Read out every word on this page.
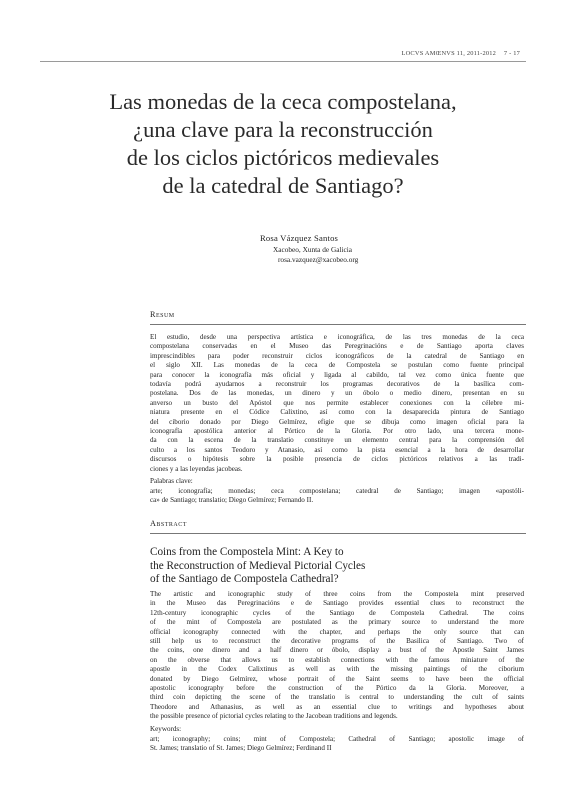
LOCVS AMŒNVS 11, 2011-2012 7 - 17
Las monedas de la ceca compostelana,
¿una clave para la reconstrucción
de los ciclos pictóricos medievales
de la catedral de Santiago?
Rosa Vázquez Santos
Xacobeo, Xunta de Galicia
rosa.vazquez@xacobeo.org
Resum

El estudio, desde una perspectiva artística e iconográfica, de las tres monedas de la ceca
compostelana conservadas en el Museo das Peregrinacións e de Santiago aporta claves
imprescindibles para poder reconstruir ciclos iconográficos de la catedral de Santiago en
el siglo XII. Las monedas de la ceca de Compostela se postulan como fuente principal
para conocer la iconografía más oficial y ligada al cabildo, tal vez como única fuente que
todavía podrá ayudarnos a reconstruir los programas decorativos de la basílica com-
postelana. Dos de las monedas, un dinero y un óbolo o medio dinero, presentan en su
anverso un busto del Apóstol que nos permite establecer conexiones con la célebre mi-
niatura presente en el Códice Calixtino, así como con la desaparecida pintura de Santiago
del ciborio donado por Diego Gelmírez, efigie que se dibuja como imagen oficial para la
iconografía apostólica anterior al Pórtico de la Gloria. Por otro lado, una tercera mone-
da con la escena de la translatio constituye un elemento central para la comprensión del
culto a los santos Teodoro y Atanasio, así como la pista esencial a la hora de desarrollar
discursos o hipótesis sobre la posible presencia de ciclos pictóricos relativos a las tradi-
ciones y a las leyendas jacobeas.

Palabras clave:

arte; iconografía; monedas; ceca compostelana; catedral de Santiago; imagen «apostóli-
ca» de Santiago; translatio; Diego Gelmírez; Fernando II.

Abstract
Coins from the Compostela Mint: A Key to
the Reconstruction of Medieval Pictorial Cycles
of the Santiago de Compostela Cathedral?

The artistic and iconographic study of three coins from the Compostela mint preserved
in the Museo das Peregrinacións e de Santiago provides essential clues to reconstruct the
12th-century iconographic cycles of the Santiago de Compostela Cathedral. The coins
of the mint of Compostela are postulated as the primary source to understand the more
official iconography connected with the chapter, and perhaps the only source that can
still help us to reconstruct the decorative programs of the Basilica of Santiago. Two of
the coins, one dinero and a half dinero or óbolo, display a bust of the Apostle Saint James
on the obverse that allows us to establish connections with the famous miniature of the
apostle in the Codex Calixtinus as well as with the missing paintings of the ciborium
donated by Diego Gelmírez, whose portrait of the Saint seems to have been the official
apostolic iconography before the construction of the Pórtico da la Gloria. Moreover, a
third coin depicting the scene of the translatio is central to understanding the cult of saints
Theodore and Athanasius, as well as an essential clue to writings and hypotheses about
the possible presence of pictorial cycles relating to the Jacobean traditions and legends.

Keywords:

art; iconography; coins; mint of Compostela; Cathedral of Santiago; apostolic image of
St. James; translatio of St. James; Diego Gelmírez; Ferdinand II
